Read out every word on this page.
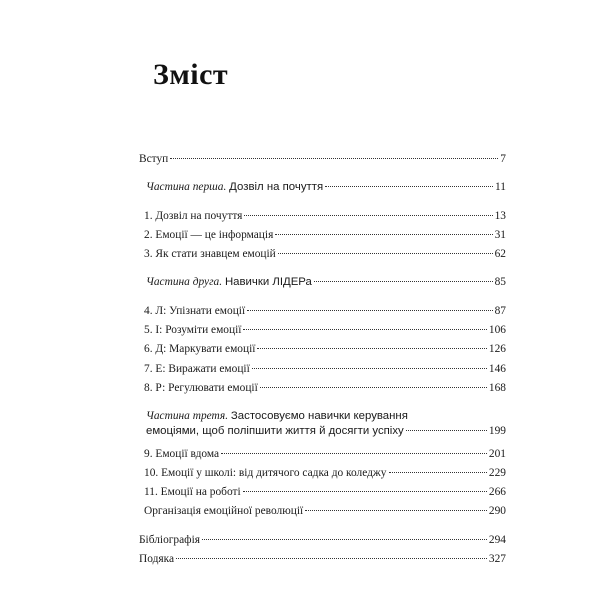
Зміст
Вступ	7
Частина перша. Дозвіл на почуття	11
1. Дозвіл на почуття	13
2. Емоції — це інформація	31
3. Як стати знавцем емоцій	62
Частина друга. Навички ЛІДЕРа	85
4. Л: Упізнати емоції	87
5. І: Розуміти емоції	106
6. Д: Маркувати емоції	126
7. Е: Виражати емоції	146
8. Р: Регулювати емоції	168
Частина третя. Застосовуємо навички керування
емоціями, щоб поліпшити життя й досягти успіху	199
9. Емоції вдома	201
10. Емоції у школі: від дитячого садка до коледжу	229
11. Емоції на роботі	266
Організація емоційної революції	290
Бібліографія	294
Подяка	327
